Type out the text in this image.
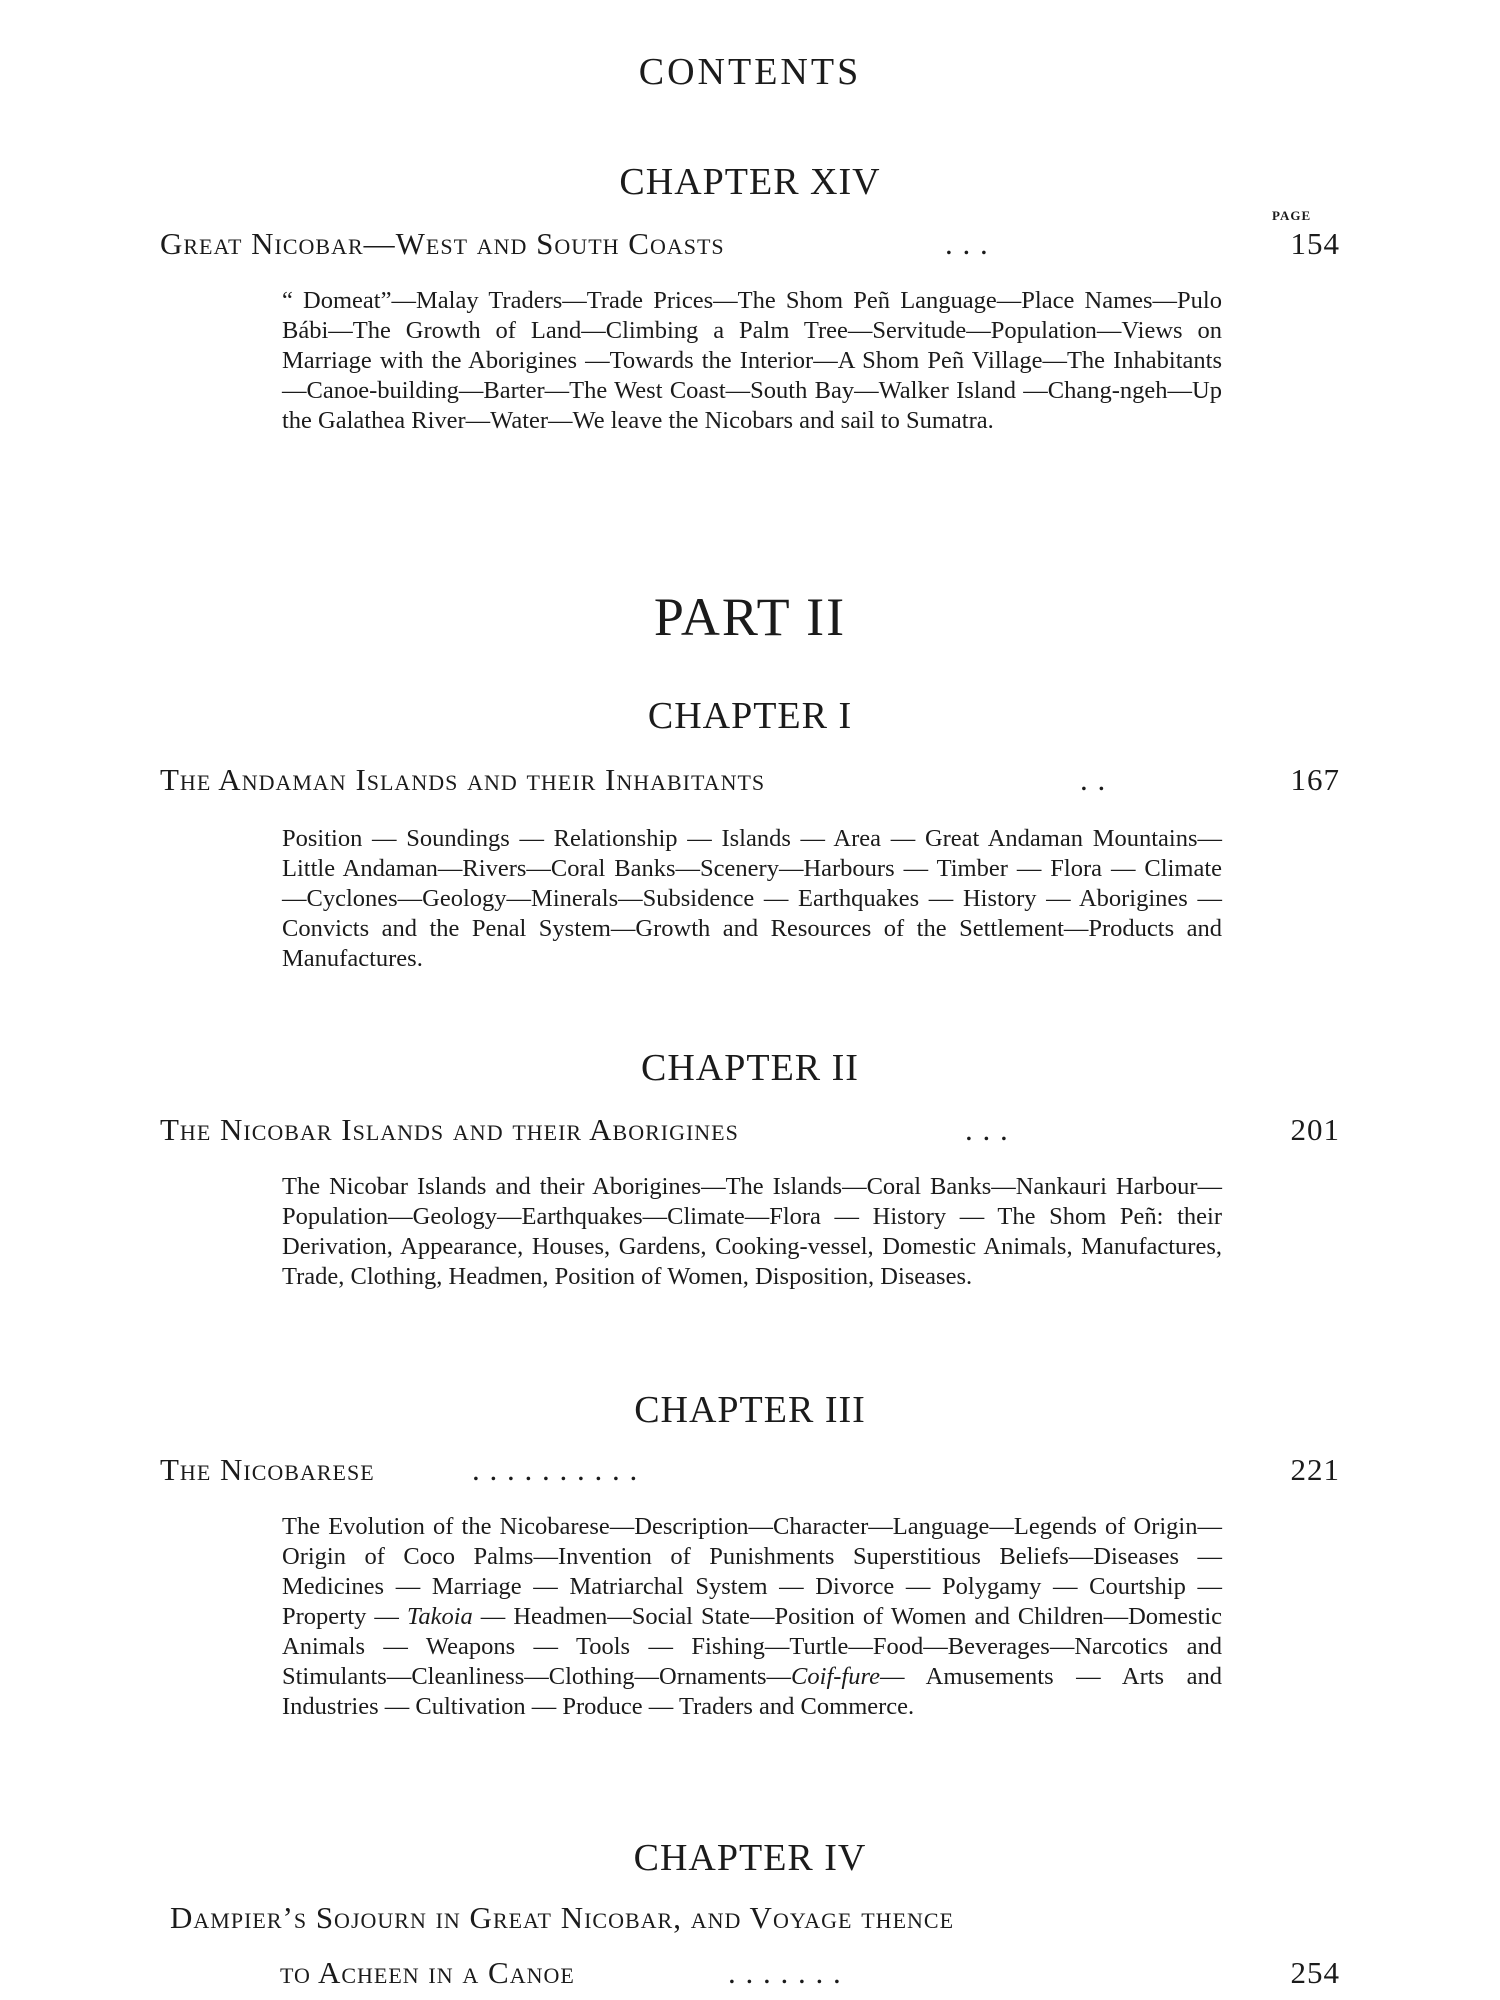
CONTENTS
CHAPTER XIV
PAGE
Great Nicobar—West and South Coasts	. . .	154
“ Domeat”—Malay Traders—Trade Prices—The Shom Peñ Language—Place Names—Pulo Bábi—The Growth of Land—Climbing a Palm Tree—Servitude—Population—Views on Marriage with the Aborigines —Towards the Interior—A Shom Peñ Village—The Inhabitants—Canoe-building—Barter—The West Coast—South Bay—Walker Island —Chang-ngeh—Up the Galathea River—Water—We leave the Nicobars and sail to Sumatra.
PART II
CHAPTER I
The Andaman Islands and their Inhabitants	. .	167
Position — Soundings — Relationship — Islands — Area — Great Andaman Mountains—Little Andaman—Rivers—Coral Banks—Scenery—Harbours — Timber — Flora — Climate—Cyclones—Geology—Minerals—Subsidence — Earthquakes — History — Aborigines — Convicts and the Penal System—Growth and Resources of the Settlement—Products and Manufactures.
CHAPTER II
The Nicobar Islands and their Aborigines	. . .	201
The Nicobar Islands and their Aborigines—The Islands—Coral Banks—Nankauri Harbour—Population—Geology—Earthquakes—Climate—Flora — History — The Shom Peñ: their Derivation, Appearance, Houses, Gardens, Cooking-vessel, Domestic Animals, Manufactures, Trade, Clothing, Headmen, Position of Women, Disposition, Diseases.
CHAPTER III
The Nicobarese	. . . . . . . . . .	221
The Evolution of the Nicobarese—Description—Character—Language—Legends of Origin—Origin of Coco Palms—Invention of Punishments Superstitious Beliefs—Diseases — Medicines — Marriage — Matriarchal System — Divorce — Polygamy — Courtship — Property — Takoia — Headmen—Social State—Position of Women and Children—Domestic Animals — Weapons — Tools — Fishing—Turtle—Food—Beverages—Narcotics and Stimulants—Cleanliness—Clothing—Ornaments—Coif-fure— Amusements — Arts and Industries — Cultivation — Produce — Traders and Commerce.
CHAPTER IV
Dampier’s Sojourn in Great Nicobar, and Voyage thence
to Acheen in a Canoe	. . . . . . .	254
